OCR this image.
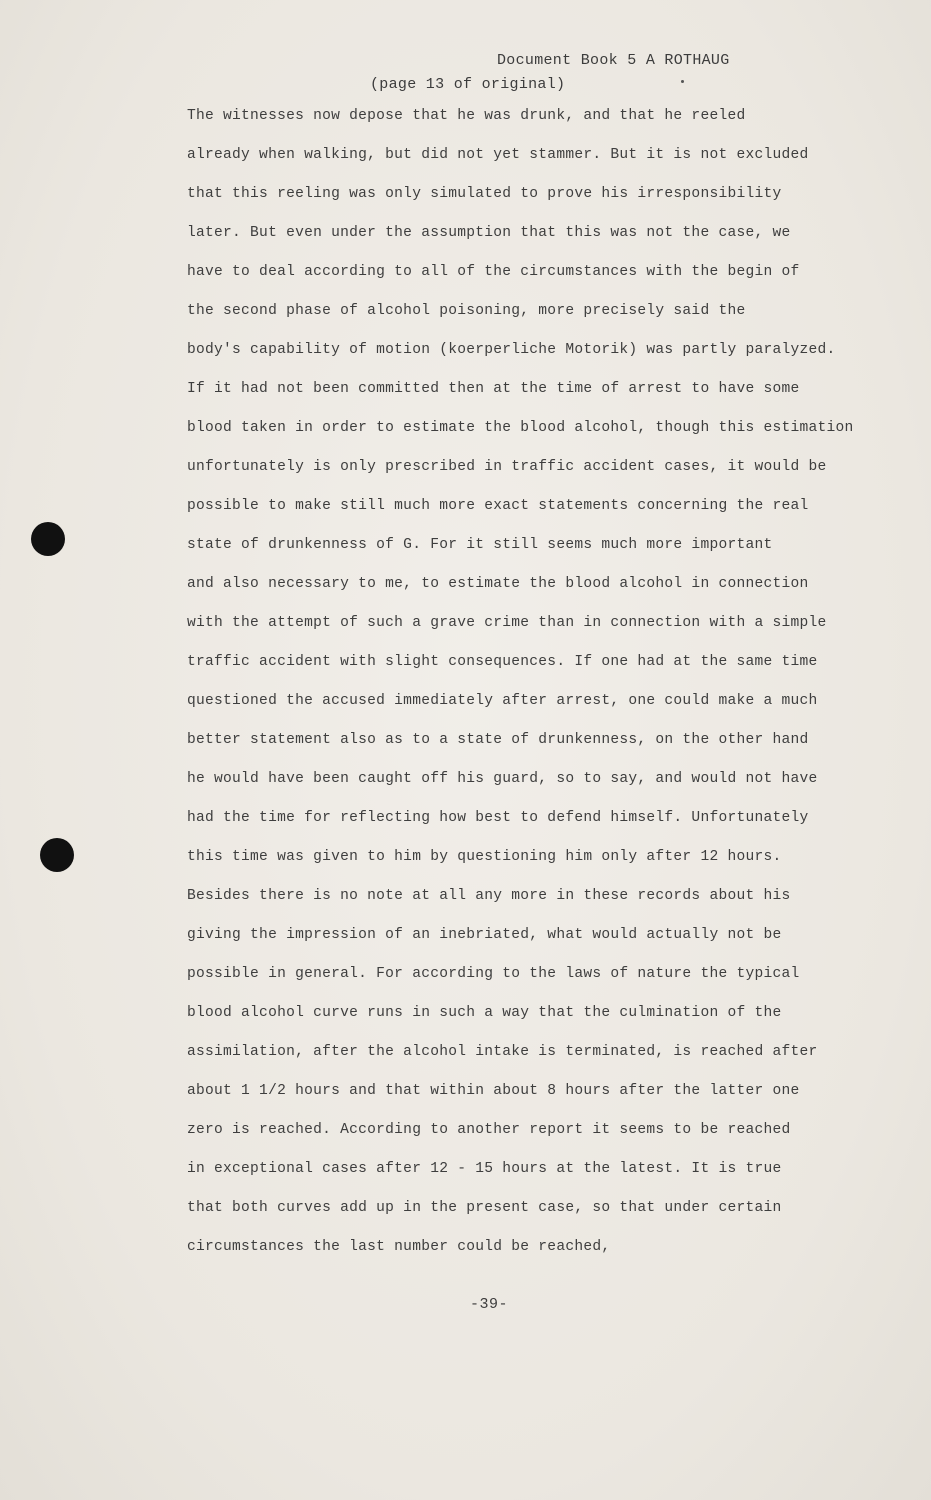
Document Book 5 A ROTHAUG
(page 13 of original)
The witnesses now depose that he was drunk, and that he reeled
already when walking, but did not yet stammer. But it is not excluded
that this reeling was only simulated to prove his irresponsibility
later. But even under the assumption that this was not the case, we
have to deal according to all of the circumstances with the begin of
the second phase of alcohol poisoning, more precisely said the
body's capability of motion (koerperliche Motorik) was partly paralyzed.
If it had not been committed then at the time of arrest to have some
blood taken in order to estimate the blood alcohol, though this estimation
unfortunately is only prescribed in traffic accident cases, it would be
possible to make still much more exact statements concerning the real
state of drunkenness of G. For it still seems much more important
and also necessary to me, to estimate the blood alcohol in connection
with the attempt of such a grave crime than in connection with a simple
traffic accident with slight consequences. If one had at the same time
questioned the accused immediately after arrest, one could make a much
better statement also as to a state of drunkenness, on the other hand
he would have been caught off his guard, so to say, and would not have
had the time for reflecting how best to defend himself. Unfortunately
this time was given to him by questioning him only after 12 hours.
Besides there is no note at all any more in these records about his
giving the impression of an inebriated, what would actually not be
possible in general. For according to the laws of nature the typical
blood alcohol curve runs in such a way that the culmination of the
assimilation, after the alcohol intake is terminated, is reached after
about 1 1/2 hours and that within about 8 hours after the latter one
zero is reached. According to another report it seems to be reached
in exceptional cases after 12 - 15 hours at the latest. It is true
that both curves add up in the present case, so that under certain
circumstances the last number could be reached,
-39-
